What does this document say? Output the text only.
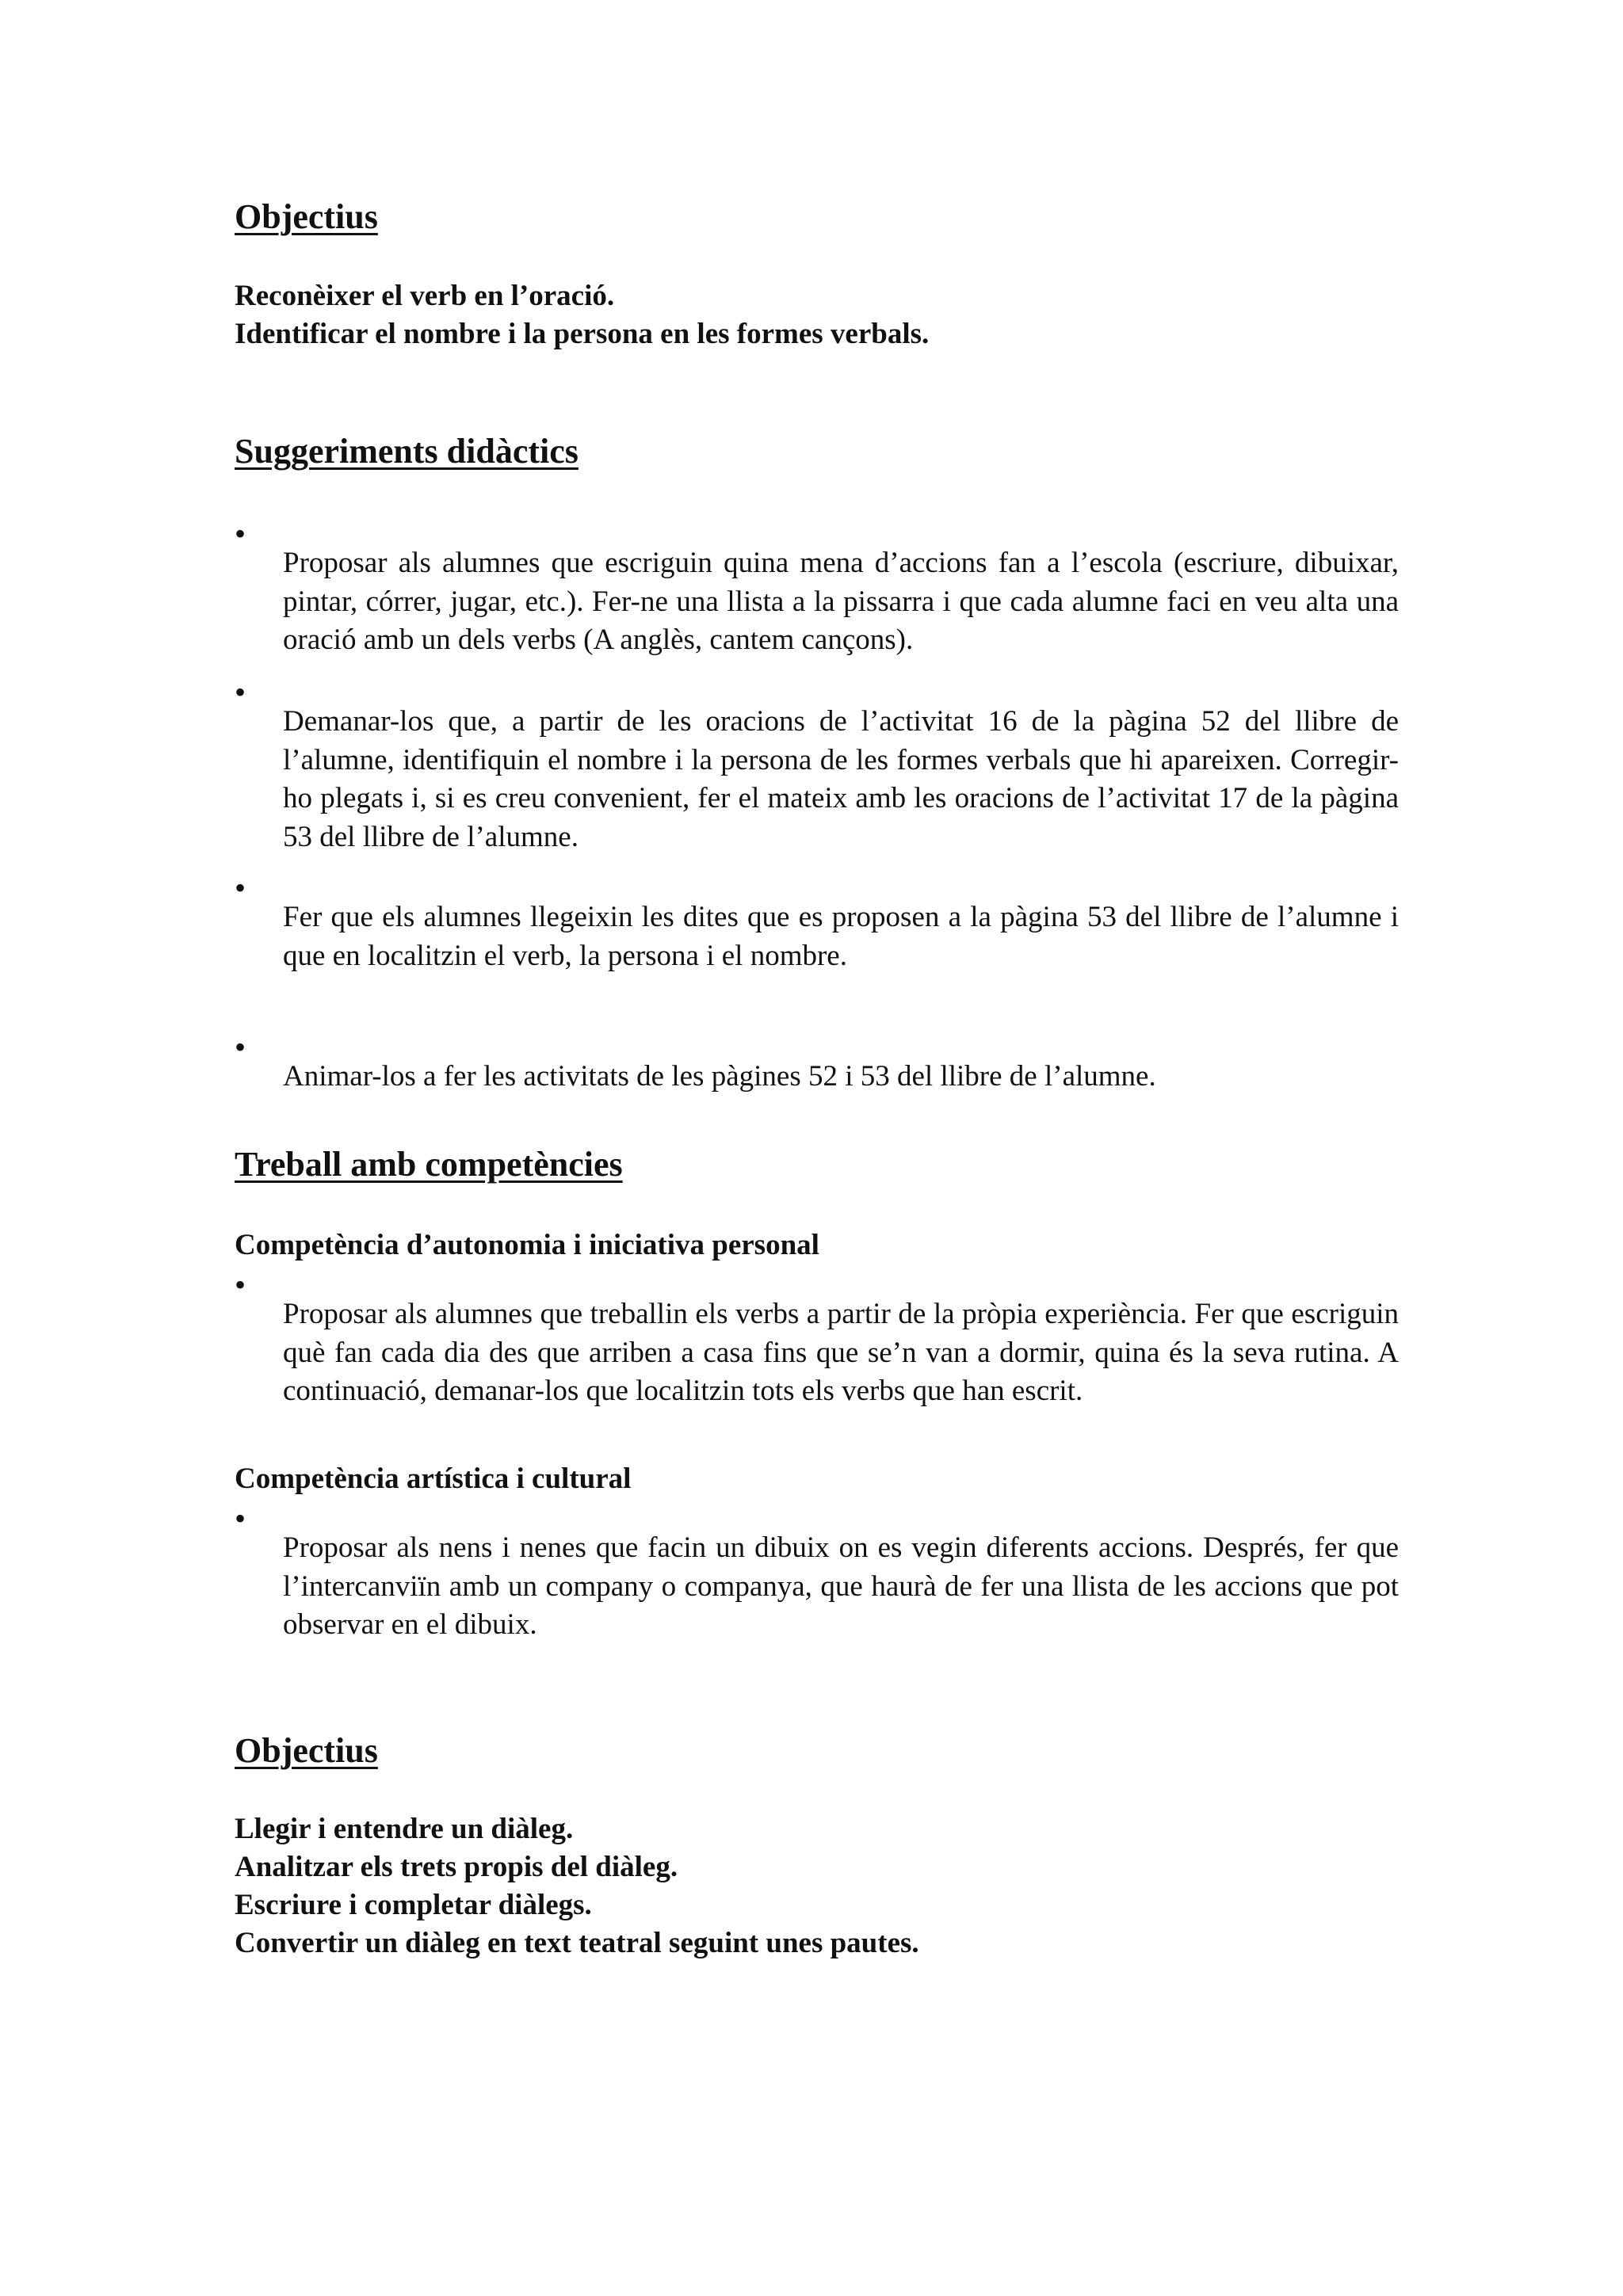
Objectius

Reconèixer el verb en l’oració.

Identificar el nombre i la persona en les formes verbals.

Suggeriments didàctics
•

Proposar als alumnes que escriguin quina mena d’accions fan a l’escola (escriure, dibuixar, pintar, córrer, jugar, etc.). Fer-ne una llista a la pissarra i que cada alumne faci en veu alta una oració amb un dels verbs (A anglès, cantem cançons).

•

Demanar-los que, a partir de les oracions de l’activitat 16 de la pàgina 52 del llibre de l’alumne, identifiquin el nombre i la persona de les formes verbals que hi apareixen. Corregir-ho plegats i, si es creu convenient, fer el mateix amb les oracions de l’activitat 17 de la pàgina 53 del llibre de l’alumne.

•

Fer que els alumnes llegeixin les dites que es proposen a la pàgina 53 del llibre de l’alumne i que en localitzin el verb, la persona i el nombre.

•

Animar-los a fer les activitats de les pàgines 52 i 53 del llibre de l’alumne.

Treball amb competències

Competència d’autonomia i iniciativa personal

•

Proposar als alumnes que treballin els verbs a partir de la pròpia experiència. Fer que escriguin què fan cada dia des que arriben a casa fins que se’n van a dormir, quina és la seva rutina. A continuació, demanar-los que localitzin tots els verbs que han escrit.

Competència artística i cultural

•

Proposar als nens i nenes que facin un dibuix on es vegin diferents accions. Després, fer que l’intercanviïn amb un company o companya, que haurà de fer una llista de les accions que pot observar en el dibuix.

Objectius

Llegir i entendre un diàleg.

Analitzar els trets propis del diàleg.

Escriure i completar diàlegs.

Convertir un diàleg en text teatral seguint unes pautes.
